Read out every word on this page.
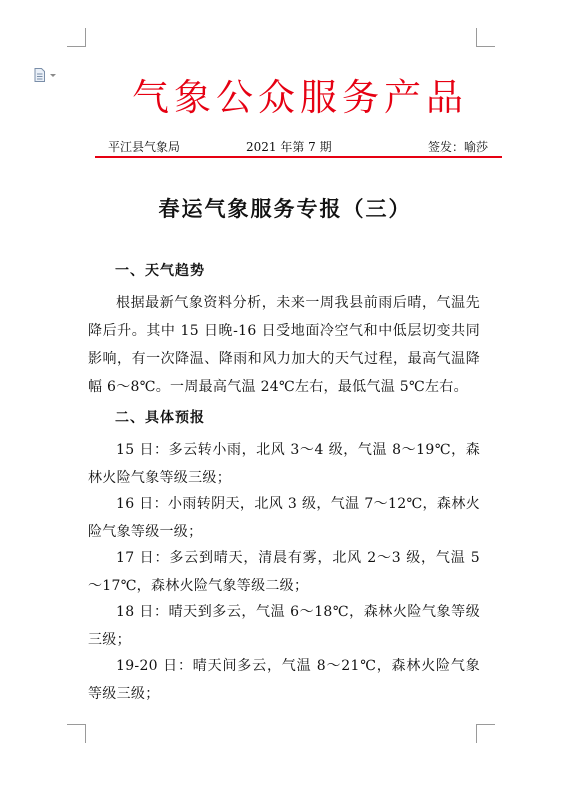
气象公众服务产品
平江县气象局	2021 年第 7 期	签发：喻莎
春运气象服务专报（三）
一、天气趋势
根据最新气象资料分析，未来一周我县前雨后晴，气温先降后升。其中 15 日晚-16 日受地面冷空气和中低层切变共同影响，有一次降温、降雨和风力加大的天气过程，最高气温降幅 6～8℃。一周最高气温 24℃左右，最低气温 5℃左右。
二、具体预报
15 日：多云转小雨，北风 3～4 级，气温 8～19℃，森林火险气象等级三级；
16 日：小雨转阴天，北风 3 级，气温 7～12℃，森林火险气象等级一级；
17 日：多云到晴天，清晨有雾，北风 2～3 级，气温 5～17℃，森林火险气象等级二级；
18 日：晴天到多云，气温 6～18℃，森林火险气象等级三级；
19-20 日：晴天间多云，气温 8～21℃，森林火险气象等级三级；
